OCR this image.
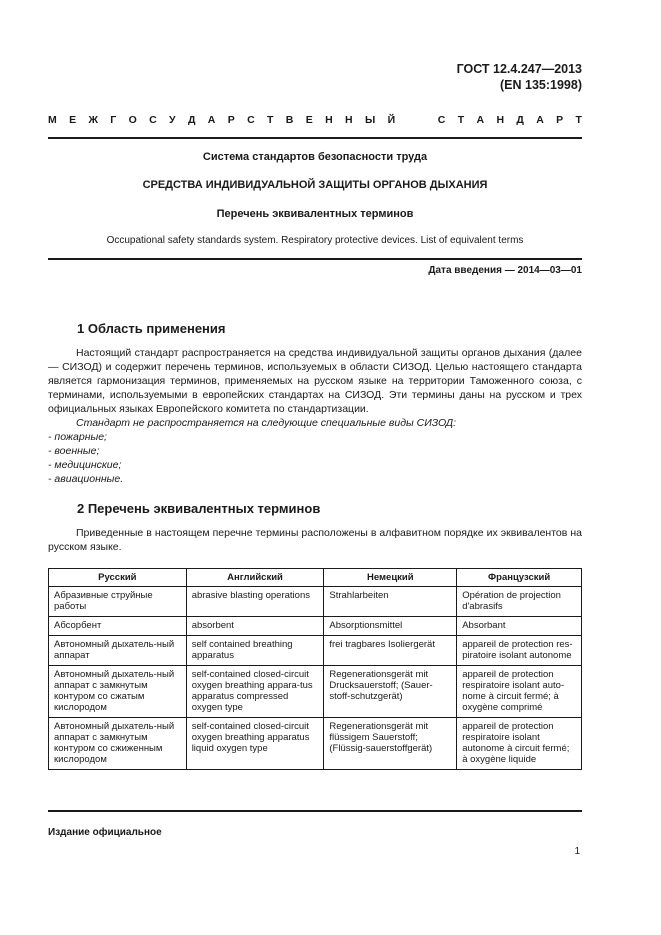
ГОСТ 12.4.247—2013
(EN 135:1998)
М Е Ж Г О С У Д А Р С Т В Е Н Н Ы Й	С Т А Н Д А Р Т
Система стандартов безопасности труда
СРЕДСТВА ИНДИВИДУАЛЬНОЙ ЗАЩИТЫ ОРГАНОВ ДЫХАНИЯ
Перечень эквивалентных терминов
Occupational safety standards system. Respiratory protective devices. List of equivalent terms
Дата введения — 2014—03—01
1 Область применения

Настоящий стандарт распространяется на средства индивидуальной защиты органов дыхания (далее — СИЗОД) и содержит перечень терминов, используемых в области СИЗОД. Целью настоящего стандарта является гармонизация терминов, применяемых на русском языке на территории Таможенного союза, с терминами, используемыми в европейских стандартах на СИЗОД. Эти термины даны на русском и трех официальных языках Европейского комитета по стандартизации.

Стандарт не распространяется на следующие специальные виды СИЗОД:

- пожарные;

- военные;

- медицинские;

- авиационные.

2 Перечень эквивалентных терминов

Приведенные в настоящем перечне термины расположены в алфавитном порядке их эквивалентов на русском языке.

Русский	Английский	Немецкий	Французский
Абразивные струйные работы	abrasive blasting operations	Strahlarbeiten	Opération de projection d'abrasifs
Абсорбент	absorbent	Absorptionsmittel	Absorbant
Автономный дыхатель-ный аппарат	self contained breathing apparatus	frei tragbares Isoliergerät	appareil de protection res-piratoire isolant autonome
Автономный дыхатель-ный аппарат с замкнутым контуром со сжатым кислородом	self-contained closed-circuit oxygen breathing appara-tus apparatus compressed oxygen type	Regenerationsgerät mit Drucksauerstoff; (Sauer-stoff-schutzgerät)	appareil de protection respiratoire isolant auto-nome à circuit fermé; à oxygène comprimé
Автономный дыхатель-ный аппарат с замкнутым контуром со сжиженным кислородом	self-contained closed-circuit oxygen breathing apparatus liquid oxygen type	Regenerationsgerät mit flüssigem Sauerstoff; (Flüssig-sauerstoffgerät)	appareil de protection respiratoire isolant autonome à circuit fermé; à oxygène liquide
Издание официальное
1
